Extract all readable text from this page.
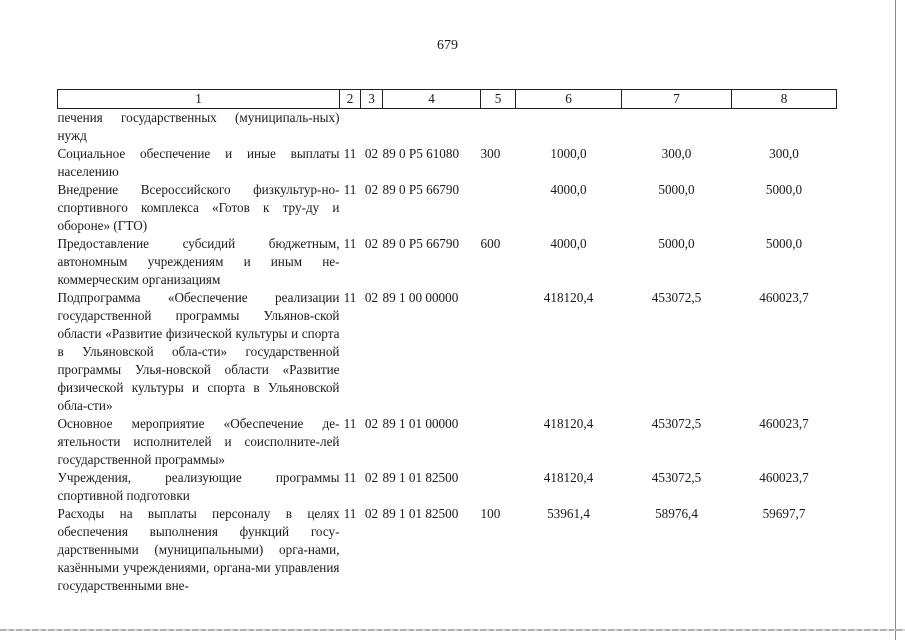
679
1	2	3	4	5	6	7	8
печения государственных (муниципаль-ных) нужд							
Социальное обеспечение и иные выплаты населению	11	02	89 0 P5 61080	300	1000,0	300,0	300,0
Внедрение Всероссийского физкультур-но-спортивного комплекса «Готов к тру-ду и обороне» (ГТО)	11	02	89 0 P5 66790		4000,0	5000,0	5000,0
Предоставление субсидий бюджетным, автономным учреждениям и иным не-коммерческим организациям	11	02	89 0 P5 66790	600	4000,0	5000,0	5000,0
Подпрограмма «Обеспечение реализации государственной программы Ульянов-ской области «Развитие физической культуры и спорта в Ульяновской обла-сти» государственной программы Улья-новской области «Развитие физической культуры и спорта в Ульяновской обла-сти»	11	02	89 1 00 00000		418120,4	453072,5	460023,7
Основное мероприятие «Обеспечение де-ятельности исполнителей и соисполните-лей государственной программы»	11	02	89 1 01 00000		418120,4	453072,5	460023,7
Учреждения, реализующие программы спортивной подготовки	11	02	89 1 01 82500		418120,4	453072,5	460023,7
Расходы на выплаты персоналу в целях обеспечения выполнения функций госу-дарственными (муниципальными) орга-нами, казёнными учреждениями, органа-ми управления государственными вне-	11	02	89 1 01 82500	100	53961,4	58976,4	59697,7
